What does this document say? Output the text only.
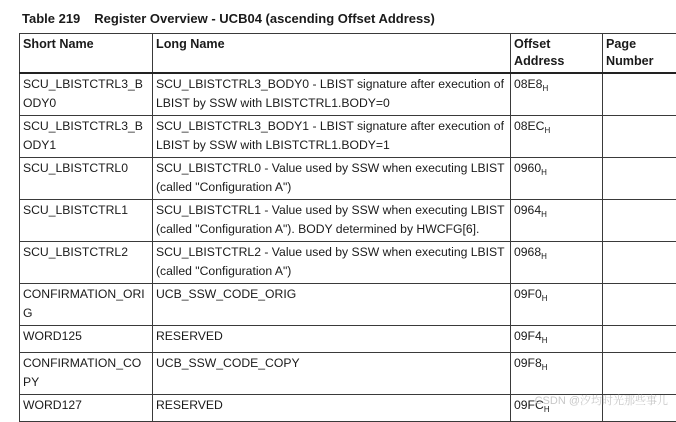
Table 219 Register Overview - UCB04 (ascending Offset Address)
Short Name	Long Name	Offset Address	Page Number
SCU_LBISTCTRL3_BODY0	SCU_LBISTCTRL3_BODY0 - LBIST signature after execution of LBIST by SSW with LBISTCTRL1.BODY=0	$08E8_H$	
SCU_LBISTCTRL3_BODY1	SCU_LBISTCTRL3_BODY1 - LBIST signature after execution of LBIST by SSW with LBISTCTRL1.BODY=1	$08EC_H$	
SCU_LBISTCTRL0	SCU_LBISTCTRL0 - Value used by SSW when executing LBIST (called "Configuration A")	$0960_H$	
SCU_LBISTCTRL1	SCU_LBISTCTRL1 - Value used by SSW when executing LBIST (called "Configuration A"). BODY determined by HWCFG[6].	$0964_H$	
SCU_LBISTCTRL2	SCU_LBISTCTRL2 - Value used by SSW when executing LBIST (called "Configuration A")	$0968_H$	
CONFIRMATION_ORIG	UCB_SSW_CODE_ORIG	$09F0_H$	
WORD125	RESERVED	$09F4_H$	
CONFIRMATION_COPY	UCB_SSW_CODE_COPY	$09F8_H$	
WORD127	RESERVED	$09FC_H$	
CSDN @汐均时光那些事儿
